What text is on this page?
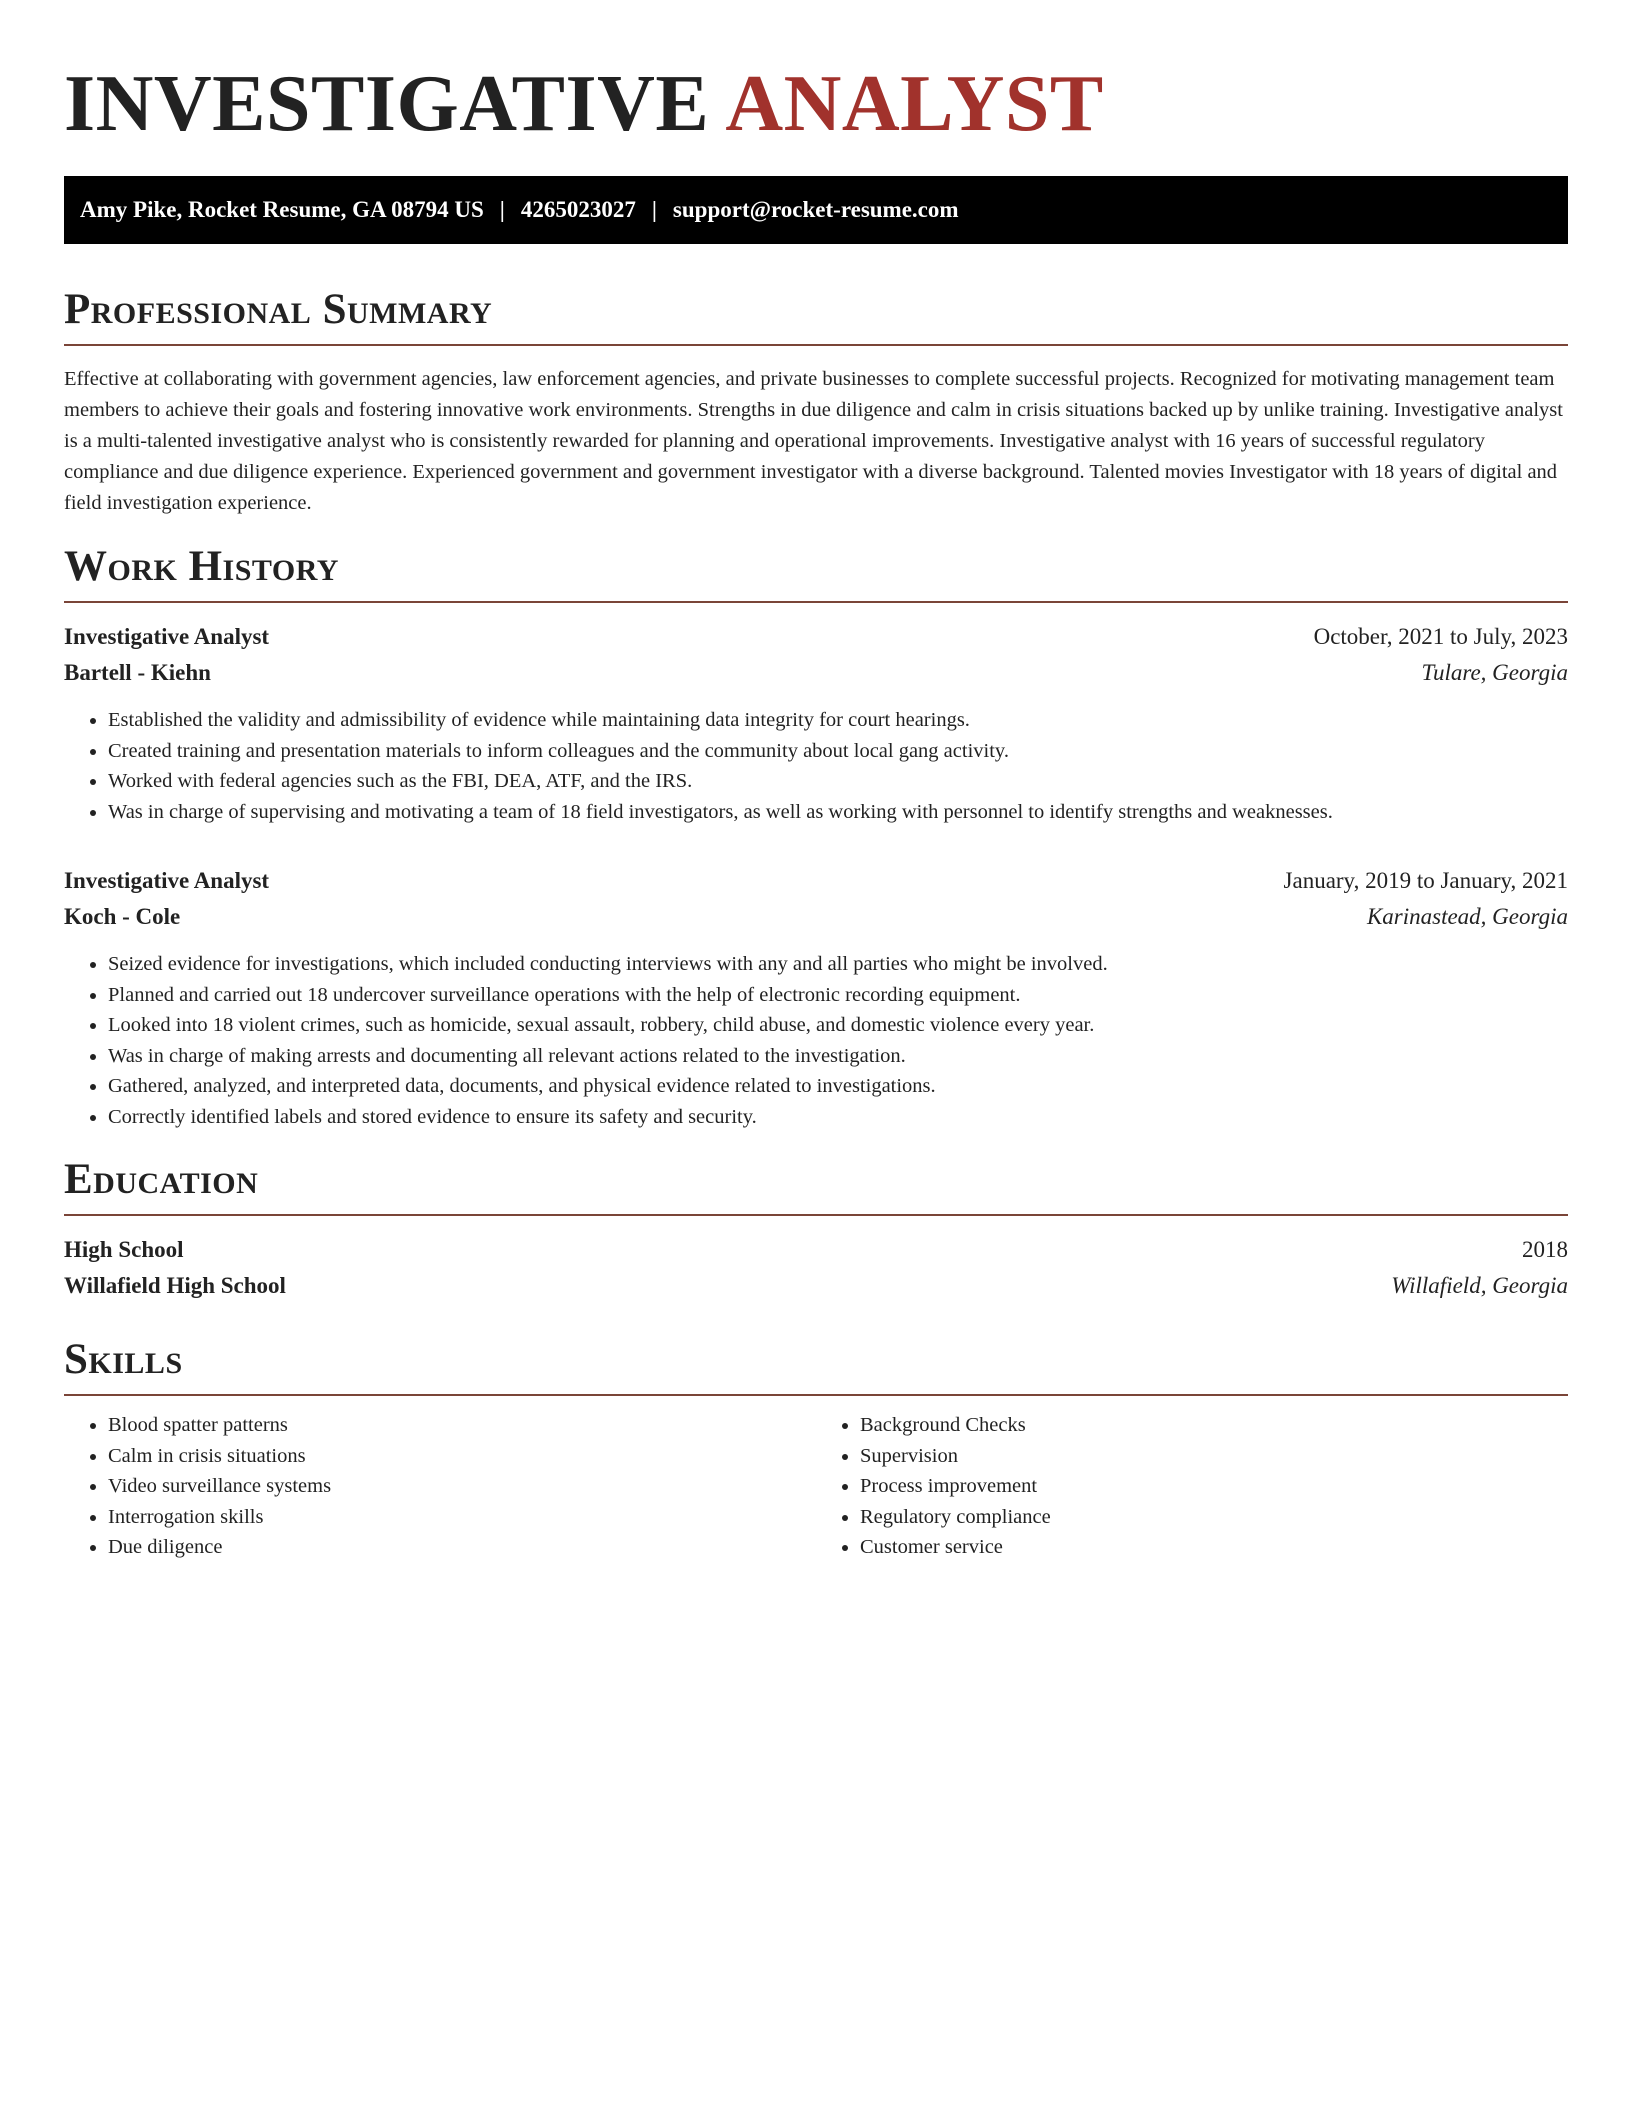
INVESTIGATIVE ANALYST
Amy Pike, Rocket Resume, GA 08794 US | 4265023027 | support@rocket-resume.com
Professional Summary

Effective at collaborating with government agencies, law enforcement agencies, and private businesses to complete successful projects. Recognized for motivating management team members to achieve their goals and fostering innovative work environments. Strengths in due diligence and calm in crisis situations backed up by unlike training. Investigative analyst is a multi-talented investigative analyst who is consistently rewarded for planning and operational improvements. Investigative analyst with 16 years of successful regulatory compliance and due diligence experience. Experienced government and government investigator with a diverse background. Talented movies Investigator with 18 years of digital and field investigation experience.

Work History
Investigative Analyst	October, 2021 to July, 2023
Bartell - Kiehn	Tulare, Georgia
• Established the validity and admissibility of evidence while maintaining data integrity for court hearings.
• Created training and presentation materials to inform colleagues and the community about local gang activity.
• Worked with federal agencies such as the FBI, DEA, ATF, and the IRS.
• Was in charge of supervising and motivating a team of 18 field investigators, as well as working with personnel to identify strengths and weaknesses.
Investigative Analyst	January, 2019 to January, 2021
Koch - Cole	Karinastead, Georgia
• Seized evidence for investigations, which included conducting interviews with any and all parties who might be involved.
• Planned and carried out 18 undercover surveillance operations with the help of electronic recording equipment.
• Looked into 18 violent crimes, such as homicide, sexual assault, robbery, child abuse, and domestic violence every year.
• Was in charge of making arrests and documenting all relevant actions related to the investigation.
• Gathered, analyzed, and interpreted data, documents, and physical evidence related to investigations.
• Correctly identified labels and stored evidence to ensure its safety and security.
Education
High School	2018
Willafield High School	Willafield, Georgia
Skills
• Blood spatter patterns
• Calm in crisis situations
• Video surveillance systems
• Interrogation skills
• Due diligence
• Background Checks
• Supervision
• Process improvement
• Regulatory compliance
• Customer service
